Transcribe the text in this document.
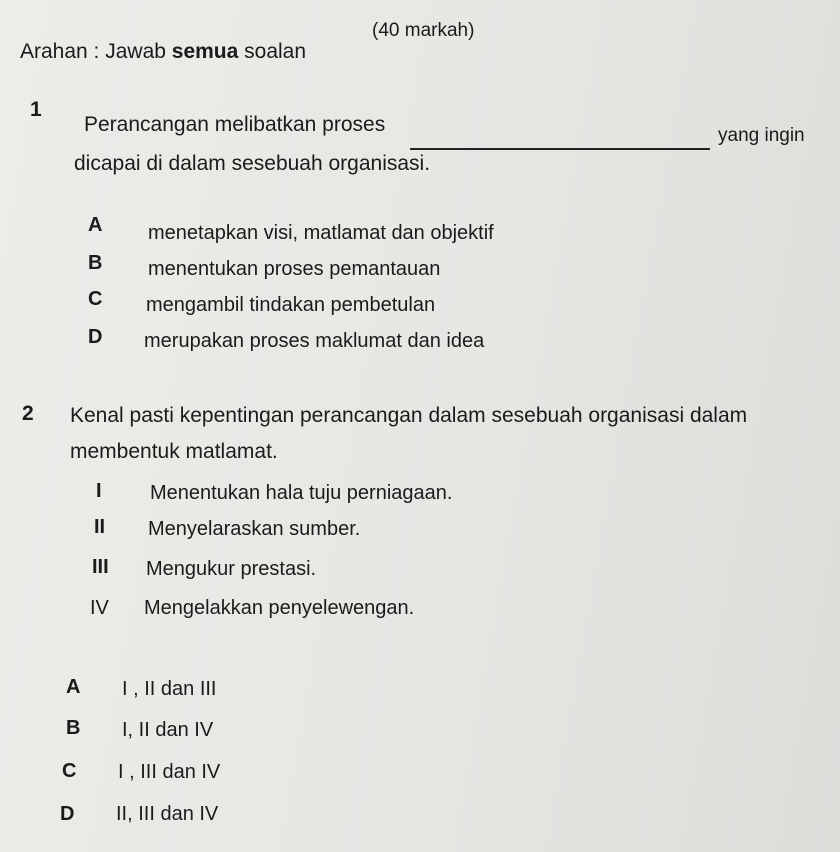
(40 markah)
Arahan : Jawab semua soalan
1
Perancangan melibatkan proses	yang ingin
dicapai di dalam sesebuah organisasi.
A menetapkan visi, matlamat dan objektif
B menentukan proses pemantauan
C mengambil tindakan pembetulan
D merupakan proses maklumat dan idea
2 Kenal pasti kepentingan perancangan dalam sesebuah organisasi dalam
membentuk matlamat.
I Menentukan hala tuju perniagaan.
II Menyelaraskan sumber.
III Mengukur prestasi.
IV Mengelakkan penyelewengan.
A I , II dan III
B I, II dan IV
C I , III dan IV
D II, III dan IV
